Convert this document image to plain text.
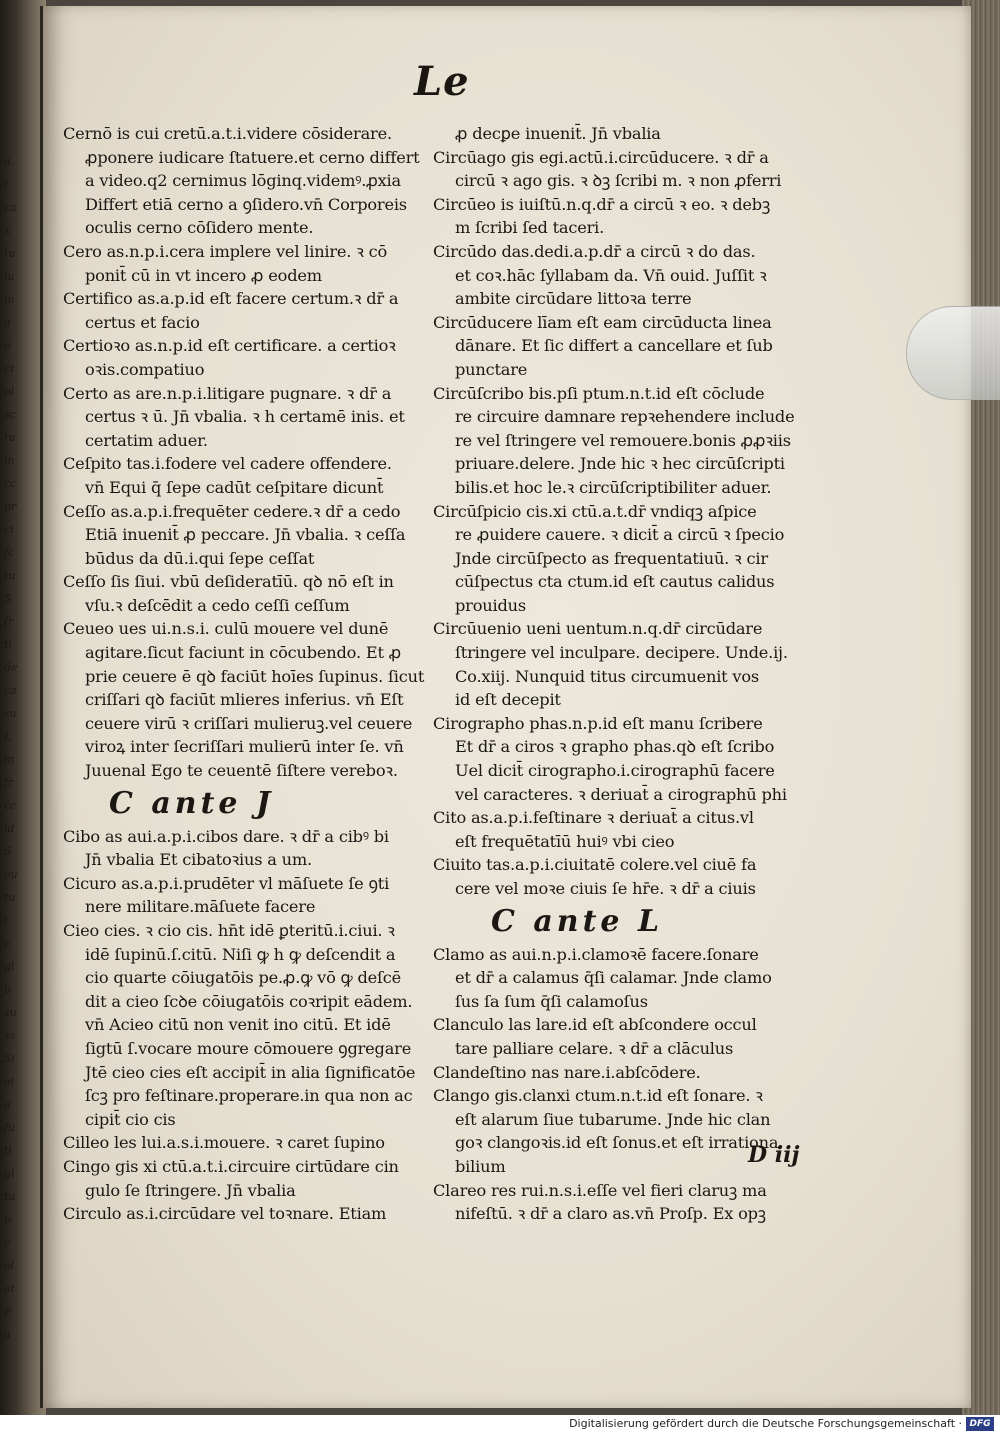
a.
(
ca
x
tu
lu
in
a
o
ct
ol
sc
tu
in
cc
pr
ci
fc
tu
S
fr
ti
de
ca
su
L
in
fr
cc
ld
S
ou
tu
i
c
gl
b
su
ss
Si
oi
a
fu
ti
gl
tu
p
c
ol
at
E
a
Le
Cernō is cui cretū.a.t.i.videre cōsiderare.
ꝓponere iudicare ſtatuere.et cerno differt
a video.q2 cernimus lōginq.videmꝰ.ꝓxia
Differt etiā cerno a ꝯſidero.vn̄ Corporeis
oculis cerno cōſidero mente.
Cero as.n.p.i.cera implere vel linire. ꝛ cō
ponit̄ cū in vt incero ꝓ eodem
Certifico as.a.p.id eſt facere certum.ꝛ dr̄ a
certus et facio
Certioꝛo as.n.p.id eſt certificare. a certioꝛ
oꝛis.compatiuo
Certo as are.n.p.i.litigare pugnare. ꝛ dr̄ a
certus ꝛ ū. Jn̄ vbalia. ꝛ h certamē inis. et
certatim aduer.
Ceſpito tas.i.fodere vel cadere offendere.
vn̄ Equi q̄ ſepe cadūt ceſpitare dicunt̄
Ceſſo as.a.p.i.frequēter cedere.ꝛ dr̄ a cedo
Etiā inuenit̄ ꝓ peccare. Jn̄ vbalia. ꝛ ceſſa
būdus da dū.i.qui ſepe ceſſat
Ceſſo ſis ſiui. vbū deſideratīū. qꝺ nō eſt in
vſu.ꝛ deſcēdit a cedo ceſſi ceſſum
Ceueo ues ui.n.s.i. culū mouere vel dunē
agitare.ſicut faciunt in cōcubendo. Et ꝓ
prie ceuere ē qꝺ faciūt hoīes ſupinus. ſicut
criſſari qꝺ faciūt mlieres inferius. vn̄ Eſt
ceuere virū ꝛ criſſari mulieruꝫ.vel ceuere
viroꝝ inter ſecriſſari mulierū inter ſe. vn̄
Juuenal Ego te ceuentē ſiſtere vereboꝛ.
C ante J
Cibo as aui.a.p.i.cibos dare. ꝛ dr̄ a cibꝰ bi
Jn̄ vbalia Et cibatoꝛius a um.
Cicuro as.a.p.i.prudēter vl māſuete ſe ꝯti
nere militare.māſuete facere
Cieo cies. ꝛ cio cis. hn̄t idē ꝑteritū.i.ciui. ꝛ
idē ſupinū.ſ.citū. Niſi ꝙ h ꝙ deſcendit a
cio quarte cōiugatōis pe.ꝓ.ꝙ vō ꝙ deſcē
dit a cieo ſcꝺe cōiugatōis coꝛripit eādem.
vn̄ Acieo citū non venit ino citū. Et idē
ſigtū ſ.vocare moure cōmouere ꝯgregare
Jtē cieo cies eſt accipit̄ in alia ſignificatōe
ſcꝫ pro feſtinare.properare.in qua non ac
cipit̄ cio cis
Cilleo les lui.a.s.i.mouere. ꝛ caret ſupino
Cingo gis xi ctū.a.t.i.circuire cirtūdare cin
gulo ſe ſtringere. Jn̄ vbalia
Circulo as.i.circūdare vel toꝛnare. Etiam
ꝓ decꝑe inuenit̄. Jn̄ vbalia
Circūago gis egi.actū.i.circūducere. ꝛ dr̄ a
circū ꝛ ago gis. ꝛ ꝺꝫ ſcribi m. ꝛ non ꝓferri
Circūeo is iuiſtū.n.q.dr̄ a circū ꝛ eo. ꝛ debꝫ
m ſcribi ſed taceri.
Circūdo das.dedi.a.p.dr̄ a circū ꝛ do das.
et coꝛ.hāc ſyllabam da. Vn̄ ouid. Juſſit ꝛ
ambite circūdare littoꝛa terre
Circūducere līam eſt eam circūducta linea
dānare. Et ſic differt a cancellare et ſub
punctare
Circūſcribo bis.pſi ptum.n.t.id eſt cōclude
re circuire damnare repꝛehendere include
re vel ſtringere vel remouere.bonis ꝓꝓꝛiis
priuare.delere. Jnde hic ꝛ hec circūſcripti
bilis.et hoc le.ꝛ circūſcriptibiliter aduer.
Circūſpicio cis.xi ctū.a.t.dr̄ vndiqꝫ aſpice
re ꝓuidere cauere. ꝛ dicit̄ a circū ꝛ ſpecio
Jnde circūſpecto as frequentatiuū. ꝛ cir
cūſpectus cta ctum.id eſt cautus calidus
prouidus
Circūuenio ueni uentum.n.q.dr̄ circūdare
ſtringere vel inculpare. decipere. Unde.ij.
Co.xiij. Nunquid titus circumuenit vos
id eſt decepit
Cirographo phas.n.p.id eſt manu ſcribere
Et dr̄ a ciros ꝛ grapho phas.qꝺ eſt ſcribo
Uel dicit̄ cirographo.i.cirographū facere
vel caracteres. ꝛ deriuat̄ a cirographū phi
Cito as.a.p.i.feſtinare ꝛ deriuat̄ a citus.vl
eſt frequētatīū huiꝰ vbi cieo
Ciuito tas.a.p.i.ciuitatē colere.vel ciuē fa
cere vel moꝛe ciuis ſe hr̄e. ꝛ dr̄ a ciuis
C ante L
Clamo as aui.n.p.i.clamoꝛē facere.ſonare
et dr̄ a calamus q̄ſi calamar. Jnde clamo
ſus ſa ſum q̄ſi calamoſus
Clanculo las lare.id eſt abſcondere occul
tare palliare celare. ꝛ dr̄ a clāculus
Clandeſtino nas nare.i.abſcōdere.
Clango gis.clanxi ctum.n.t.id eſt ſonare. ꝛ
eſt alarum ſiue tubarume. Jnde hic clan
goꝛ clangoꝛis.id eſt ſonus.et eſt irrationa
bilium
Clareo res rui.n.s.i.eſſe vel fieri claruꝫ ma
nifeſtū. ꝛ dr̄ a claro as.vn̄ Proſp. Ex opꝫ
D iij
Digitalisierung gefördert durch die Deutsche Forschungsgemeinschaft · DFG
